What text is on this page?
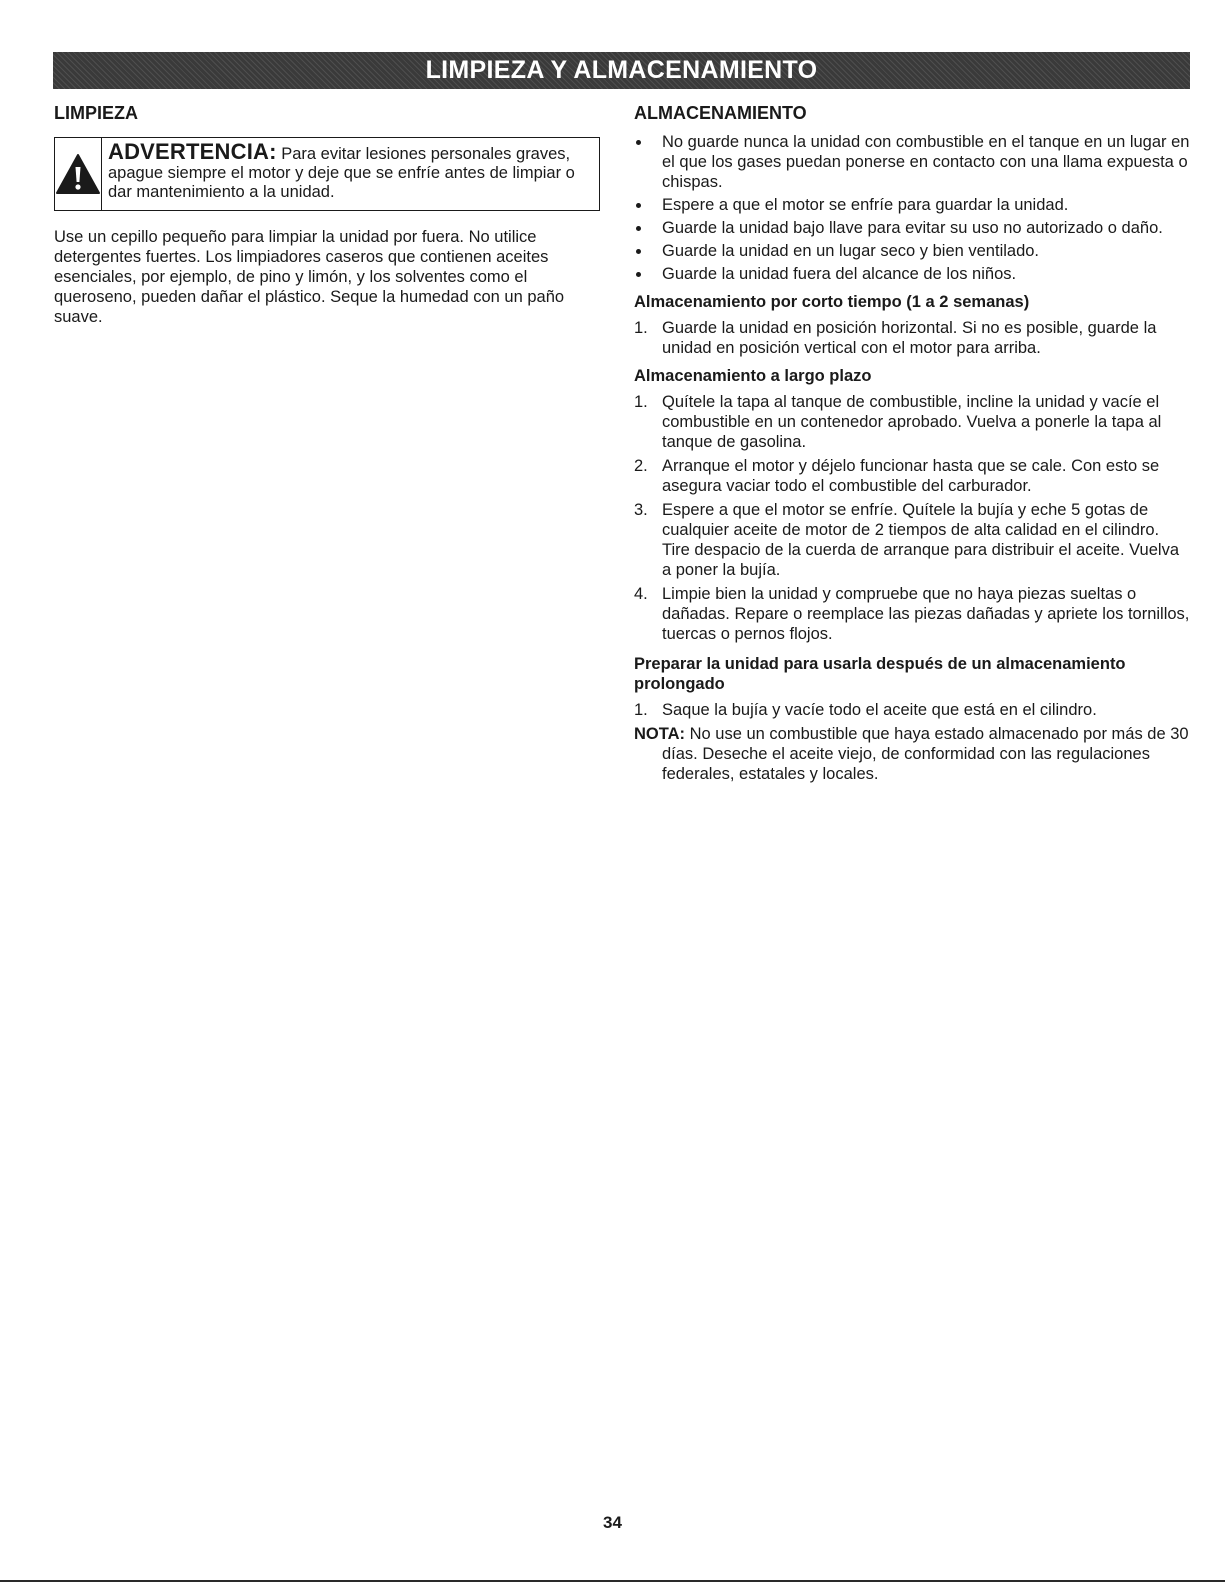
LIMPIEZA Y ALMACENAMIENTO
LIMPIEZA
ADVERTENCIA: Para evitar lesiones personales graves, apague siempre el motor y deje que se enfríe antes de limpiar o dar mantenimiento a la unidad.

Use un cepillo pequeño para limpiar la unidad por fuera. No utilice detergentes fuertes. Los limpiadores caseros que contienen aceites esenciales, por ejemplo, de pino y limón, y los solventes como el queroseno, pueden dañar el plástico. Seque la humedad con un paño suave.

ALMACENAMIENTO
No guarde nunca la unidad con combustible en el tanque en un lugar en el que los gases puedan ponerse en contacto con una llama expuesta o chispas.
Espere a que el motor se enfríe para guardar la unidad.
Guarde la unidad bajo llave para evitar su uso no autorizado o daño.
Guarde la unidad en un lugar seco y bien ventilado.
Guarde la unidad fuera del alcance de los niños.
Almacenamiento por corto tiempo (1 a 2 semanas)
1. Guarde la unidad en posición horizontal. Si no es posible, guarde la unidad en posición vertical con el motor para arriba.
Almacenamiento a largo plazo
1. Quítele la tapa al tanque de combustible, incline la unidad y vacíe el combustible en un contenedor aprobado. Vuelva a ponerle la tapa al tanque de gasolina.
2. Arranque el motor y déjelo funcionar hasta que se cale. Con esto se asegura vaciar todo el combustible del carburador.
3. Espere a que el motor se enfríe. Quítele la bujía y eche 5 gotas de cualquier aceite de motor de 2 tiempos de alta calidad en el cilindro. Tire despacio de la cuerda de arranque para distribuir el aceite. Vuelva a poner la bujía.
4. Limpie bien la unidad y compruebe que no haya piezas sueltas o dañadas. Repare o reemplace las piezas dañadas y apriete los tornillos, tuercas o pernos flojos.
Preparar la unidad para usarla después de un almacenamiento prolongado
1. Saque la bujía y vacíe todo el aceite que está en el cilindro.
NOTA: No use un combustible que haya estado almacenado por más de 30 días. Deseche el aceite viejo, de conformidad con las regulaciones federales, estatales y locales.
34
